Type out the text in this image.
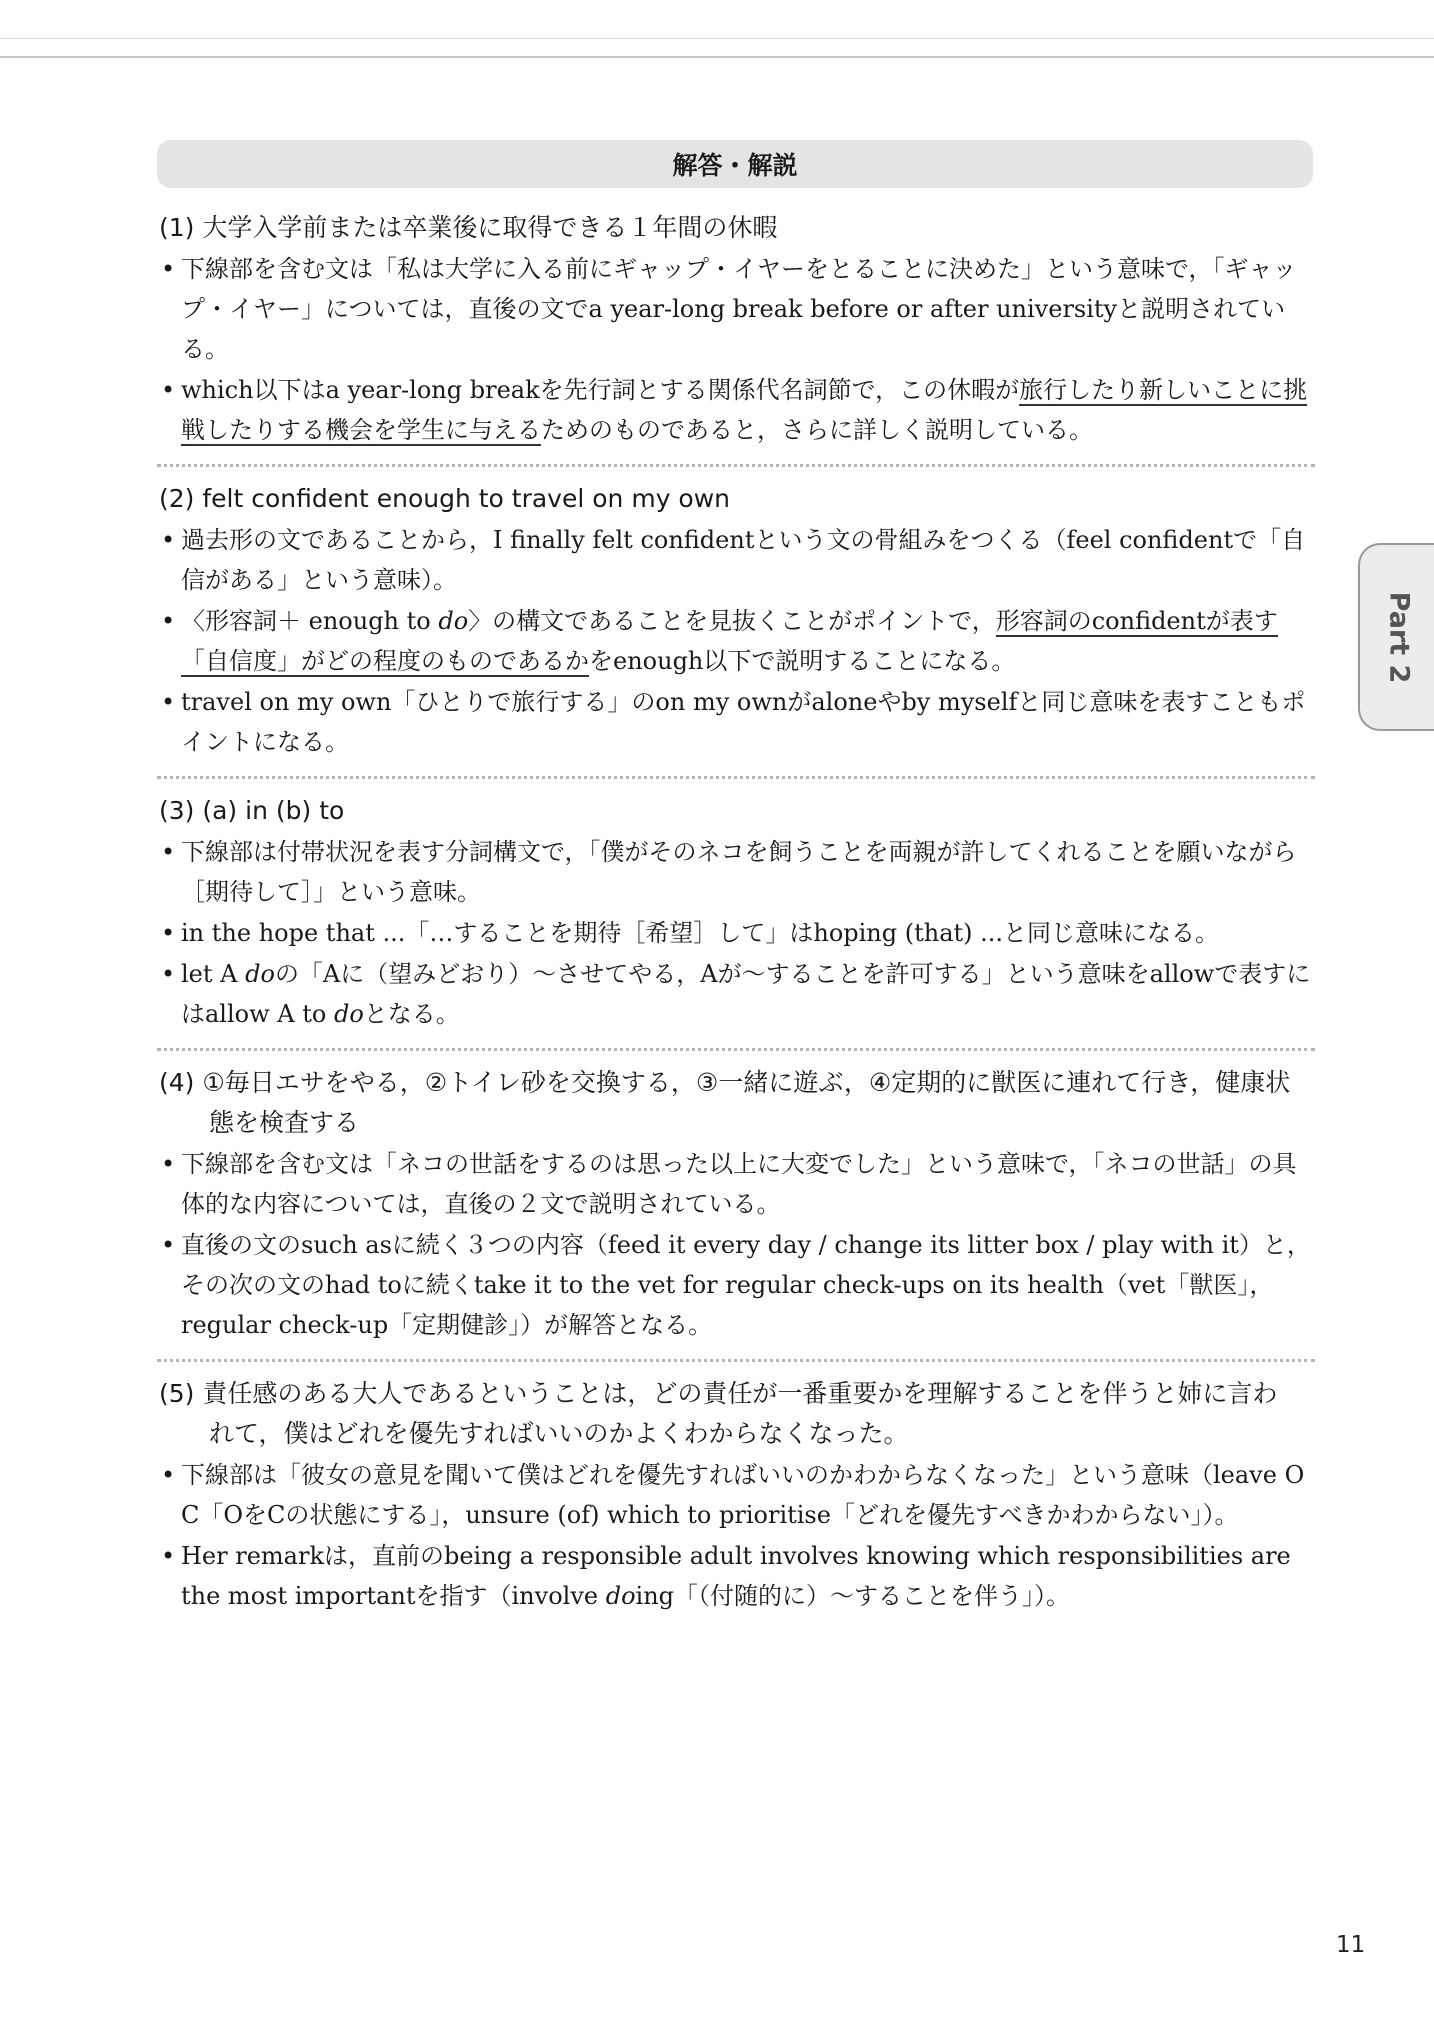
解答・解説
(1) 大学入学前または卒業後に取得できる１年間の休暇
• 下線部を含む文は「私は大学に入る前にギャップ・イヤーをとることに決めた」という意味で，「ギャップ・イヤー」については，直後の文でa year-long break before or after universityと説明されている。
• which以下はa year-long breakを先行詞とする関係代名詞節で，この休暇が旅行したり新しいことに挑戦したりする機会を学生に与えるためのものであると，さらに詳しく説明している。
(2) felt confident enough to travel on my own
• 過去形の文であることから，I finally felt confidentという文の骨組みをつくる（feel confidentで「自信がある」という意味）。
• 〈形容詞＋ enough to do〉の構文であることを見抜くことがポイントで，形容詞のconfidentが表す「自信度」がどの程度のものであるかをenough以下で説明することになる。
• travel on my own「ひとりで旅行する」のon my ownがaloneやby myselfと同じ意味を表すこともポイントになる。
(3) (a) in (b) to
• 下線部は付帯状況を表す分詞構文で，「僕がそのネコを飼うことを両親が許してくれることを願いながら［期待して］」という意味。
• in the hope that ...「…することを期待［希望］して」はhoping (that) ...と同じ意味になる。
• let A doの「Aに（望みどおり）～させてやる，Aが～することを許可する」という意味をallowで表すにはallow A to doとなる。
(4) ①毎日エサをやる，②トイレ砂を交換する，③一緒に遊ぶ，④定期的に獣医に連れて行き，健康状
態を検査する
• 下線部を含む文は「ネコの世話をするのは思った以上に大変でした」という意味で，「ネコの世話」の具体的な内容については，直後の２文で説明されている。
• 直後の文のsuch asに続く３つの内容（feed it every day / change its litter box / play with it）と，その次の文のhad toに続くtake it to the vet for regular check-ups on its health（vet「獣医」，regular check-up「定期健診」）が解答となる。
(5) 責任感のある大人であるということは，どの責任が一番重要かを理解することを伴うと姉に言わ
れて，僕はどれを優先すればいいのかよくわからなくなった。
• 下線部は「彼女の意見を聞いて僕はどれを優先すればいいのかわからなくなった」という意味（leave O C「OをCの状態にする」，unsure (of) which to prioritise「どれを優先すべきかわからない」）。
• Her remarkは，直前のbeing a responsible adult involves knowing which responsibilities are the most importantを指す（involve doing「（付随的に）～することを伴う」）。
Part 2
11
